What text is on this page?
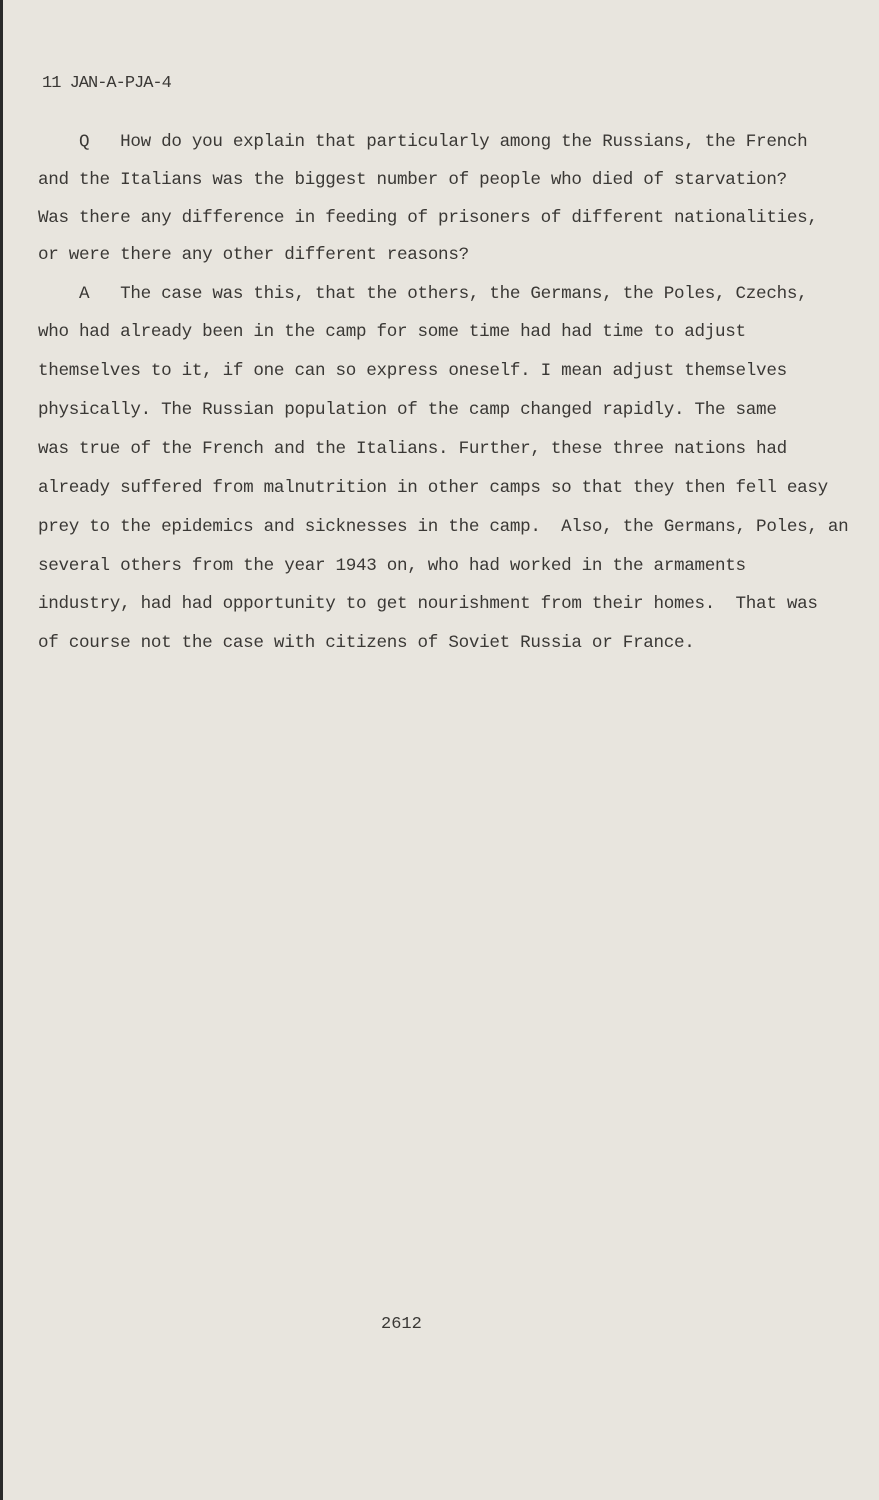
11 JAN-A-PJA-4
Q   How do you explain that particularly among the Russians, the French
and the Italians was the biggest number of people who died of starvation?
Was there any difference in feeding of prisoners of different nationalities,
or were there any other different reasons?
A   The case was this, that the others, the Germans, the Poles, Czechs,
who had already been in the camp for some time had had time to adjust
themselves to it, if one can so express oneself. I mean adjust themselves
physically. The Russian population of the camp changed rapidly. The same
was true of the French and the Italians. Further, these three nations had
already suffered from malnutrition in other camps so that they then fell easy
prey to the epidemics and sicknesses in the camp.  Also, the Germans, Poles, an
several others from the year 1943 on, who had worked in the armaments
industry, had had opportunity to get nourishment from their homes.  That was
of course not the case with citizens of Soviet Russia or France.
2612
